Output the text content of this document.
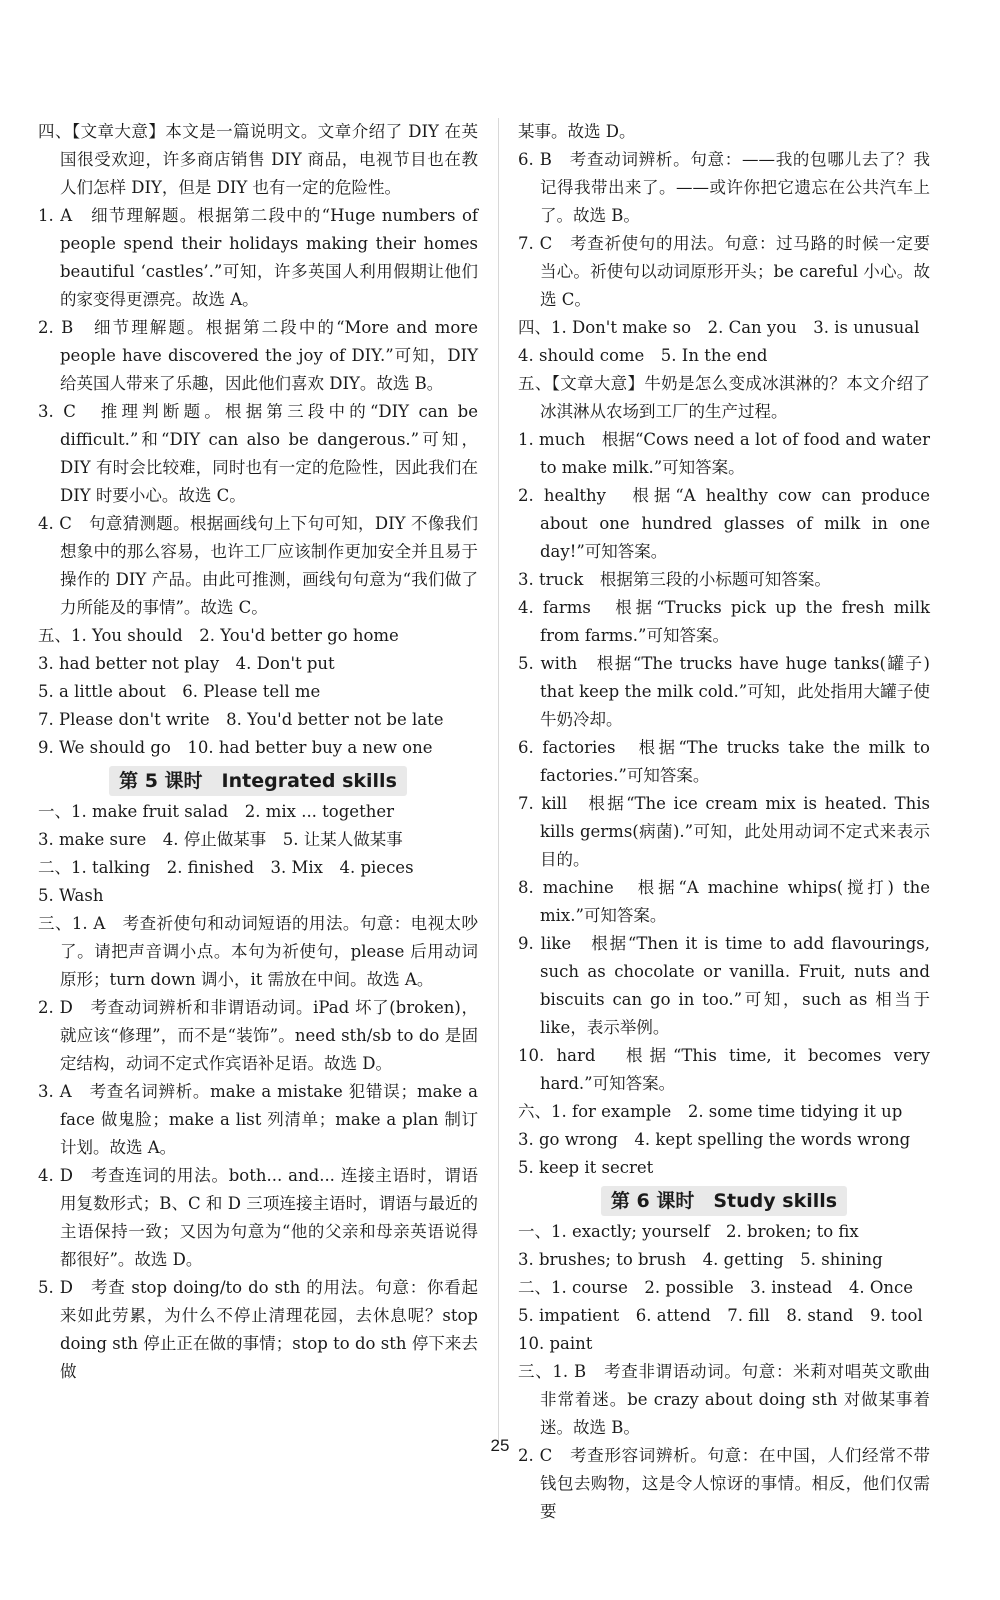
四、【文章大意】本文是一篇说明文。文章介绍了 DIY 在英国很受欢迎，许多商店销售 DIY 商品，电视节目也在教人们怎样 DIY，但是 DIY 也有一定的危险性。
1. A　细节理解题。根据第二段中的“Huge numbers of people spend their holidays making their homes beautiful ‘castles’.”可知，许多英国人利用假期让他们的家变得更漂亮。故选 A。
2. B　细节理解题。根据第二段中的“More and more people have discovered the joy of DIY.”可知，DIY 给英国人带来了乐趣，因此他们喜欢 DIY。故选 B。
3. C　推理判断题。根据第三段中的“DIY can be difficult.”和“DIY can also be dangerous.”可知，DIY 有时会比较难，同时也有一定的危险性，因此我们在 DIY 时要小心。故选 C。
4. C　句意猜测题。根据画线句上下句可知，DIY 不像我们想象中的那么容易，也许工厂应该制作更加安全并且易于操作的 DIY 产品。由此可推测，画线句句意为“我们做了力所能及的事情”。故选 C。
五、1. You should　2. You'd better go home
3. had better not play　4. Don't put
5. a little about　6. Please tell me
7. Please don't write　8. You'd better not be late
9. We should go　10. had better buy a new one
第 5 课时　Integrated skills
一、1. make fruit salad　2. mix ... together
3. make sure　4. 停止做某事　5. 让某人做某事
二、1. talking　2. finished　3. Mix　4. pieces
5. Wash
三、1. A　考查祈使句和动词短语的用法。句意：电视太吵了。请把声音调小点。本句为祈使句，please 后用动词原形；turn down 调小，it 需放在中间。故选 A。
2. D　考查动词辨析和非谓语动词。iPad 坏了(broken)，就应该“修理”，而不是“装饰”。need sth/sb to do 是固定结构，动词不定式作宾语补足语。故选 D。
3. A　考查名词辨析。make a mistake 犯错误；make a face 做鬼脸；make a list 列清单；make a plan 制订计划。故选 A。
4. D　考查连词的用法。both... and... 连接主语时，谓语用复数形式；B、C 和 D 三项连接主语时，谓语与最近的主语保持一致；又因为句意为“他的父亲和母亲英语说得都很好”。故选 D。
5. D　考查 stop doing/to do sth 的用法。句意：你看起来如此劳累，为什么不停止清理花园，去休息呢？stop doing sth 停止正在做的事情；stop to do sth 停下来去做
某事。故选 D。
6. B　考查动词辨析。句意：——我的包哪儿去了？我记得我带出来了。——或许你把它遗忘在公共汽车上了。故选 B。
7. C　考查祈使句的用法。句意：过马路的时候一定要当心。祈使句以动词原形开头；be careful 小心。故选 C。
四、1. Don't make so　2. Can you　3. is unusual
4. should come　5. In the end
五、【文章大意】牛奶是怎么变成冰淇淋的？本文介绍了冰淇淋从农场到工厂的生产过程。
1. much　根据“Cows need a lot of food and water to make milk.”可知答案。
2. healthy　根据“A healthy cow can produce about one hundred glasses of milk in one day!”可知答案。
3. truck　根据第三段的小标题可知答案。
4. farms　根据“Trucks pick up the fresh milk from farms.”可知答案。
5. with　根据“The trucks have huge tanks(罐子) that keep the milk cold.”可知，此处指用大罐子使牛奶冷却。
6. factories　根据“The trucks take the milk to factories.”可知答案。
7. kill　根据“The ice cream mix is heated. This kills germs(病菌).”可知，此处用动词不定式来表示目的。
8. machine　根据“A machine whips(搅打) the mix.”可知答案。
9. like　根据“Then it is time to add flavourings, such as chocolate or vanilla. Fruit, nuts and biscuits can go in too.”可知，such as 相当于 like，表示举例。
10. hard　根据“This time, it becomes very hard.”可知答案。
六、1. for example　2. some time tidying it up
3. go wrong　4. kept spelling the words wrong
5. keep it secret
第 6 课时　Study skills
一、1. exactly; yourself　2. broken; to fix
3. brushes; to brush　4. getting　5. shining
二、1. course　2. possible　3. instead　4. Once
5. impatient　6. attend　7. fill　8. stand　9. tool
10. paint
三、1. B　考查非谓语动词。句意：米莉对唱英文歌曲非常着迷。be crazy about doing sth 对做某事着迷。故选 B。
2. C　考查形容词辨析。句意：在中国，人们经常不带钱包去购物，这是令人惊讶的事情。相反，他们仅需要
25
